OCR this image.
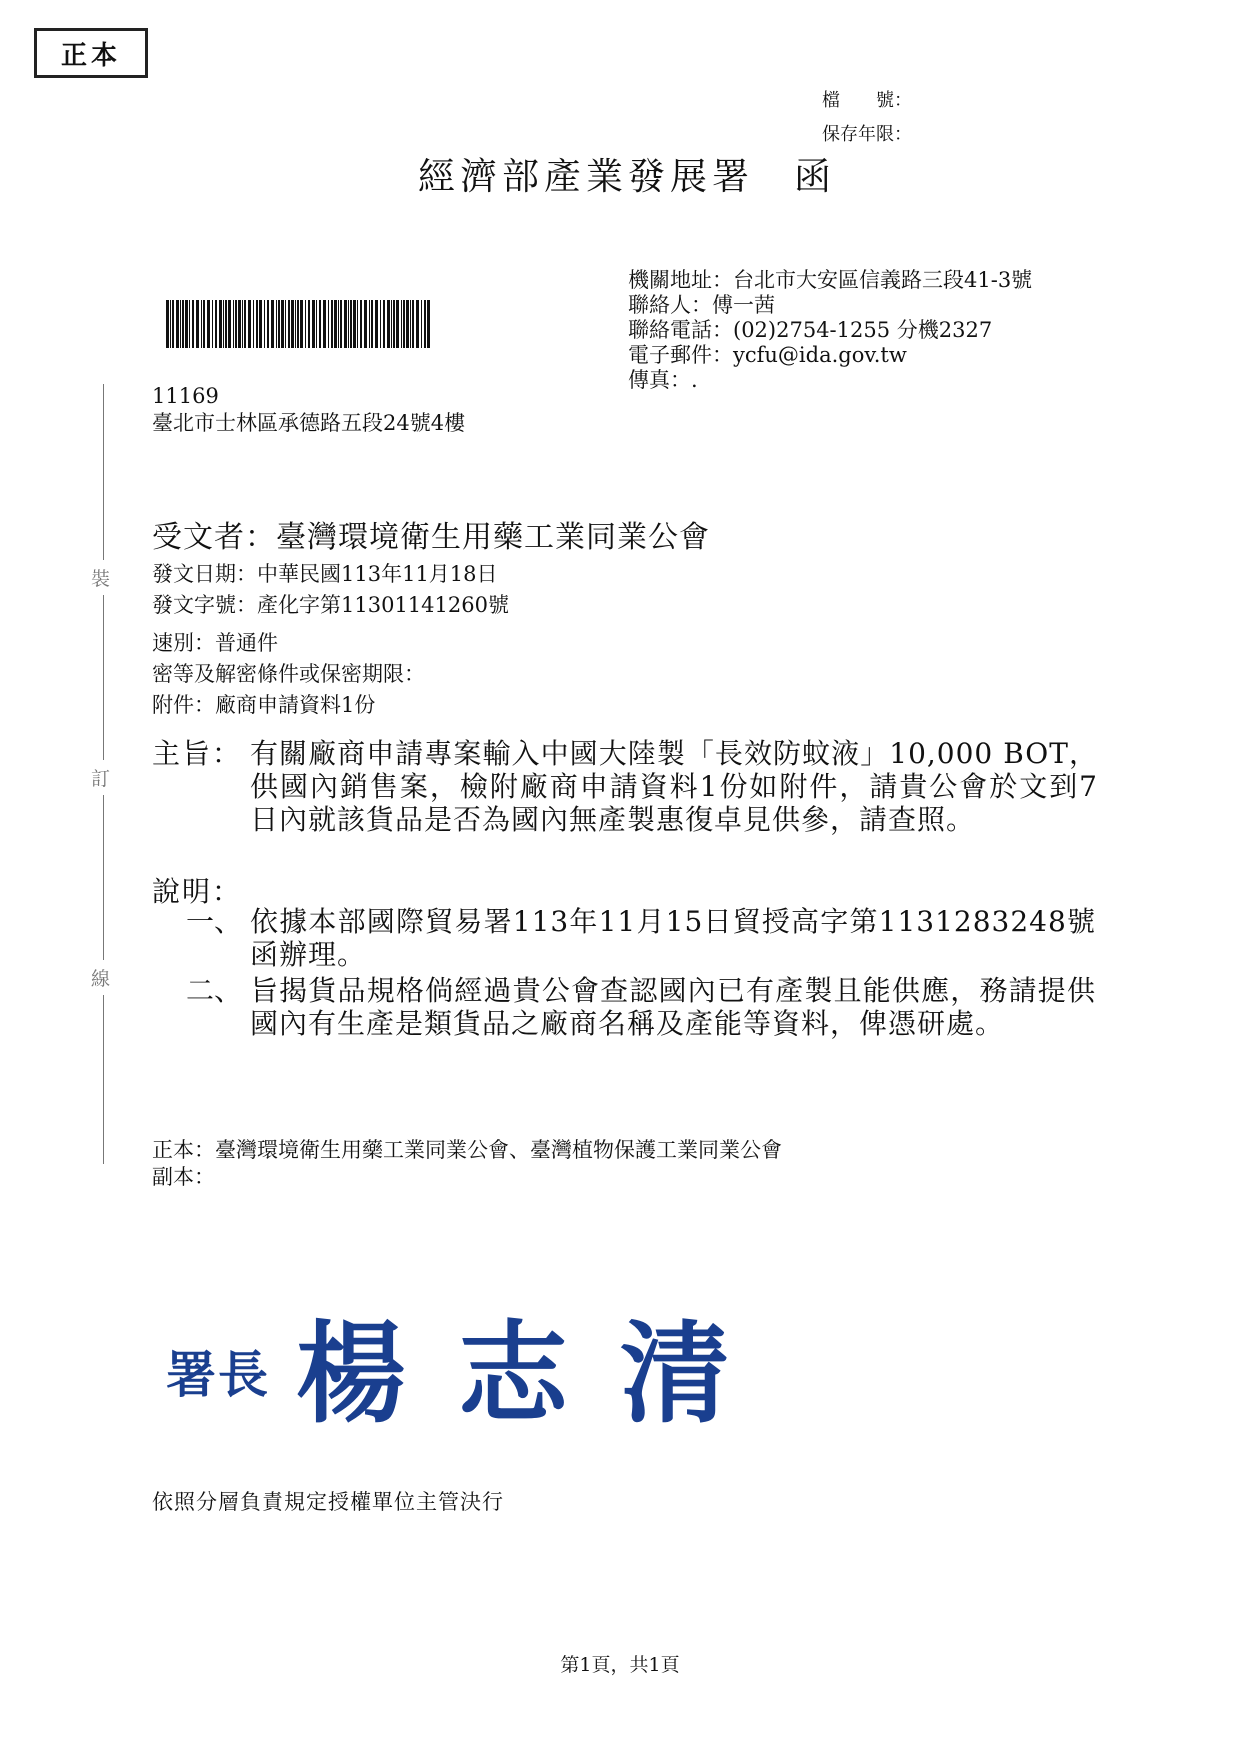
正本
檔　　號：
保存年限：
經濟部產業發展署 函
機關地址：台北市大安區信義路三段41-3號
聯絡人：傅一茜
聯絡電話：(02)2754-1255 分機2327
電子郵件：ycfu@ida.gov.tw
傳真：.
裝
訂
線
11169
臺北市士林區承德路五段24號4樓
受文者：臺灣環境衛生用藥工業同業公會
發文日期：中華民國113年11月18日
發文字號：產化字第11301141260號
速別：普通件
密等及解密條件或保密期限：
附件：廠商申請資料1份
主旨： 有關廠商申請專案輸入中國大陸製「長效防蚊液」10,000 BOT，供國內銷售案，檢附廠商申請資料1份如附件，請貴公會於文到7日內就該貨品是否為國內無產製惠復卓見供參，請查照。
說明：
一、 依據本部國際貿易署113年11月15日貿授高字第1131283248號函辦理。
二、 旨揭貨品規格倘經過貴公會查認國內已有產製且能供應，務請提供國內有生產是類貨品之廠商名稱及產能等資料，俾憑研處。
正本：臺灣環境衛生用藥工業同業公會、臺灣植物保護工業同業公會
副本：
署長 楊志清
依照分層負責規定授權單位主管決行
第1頁，共1頁
